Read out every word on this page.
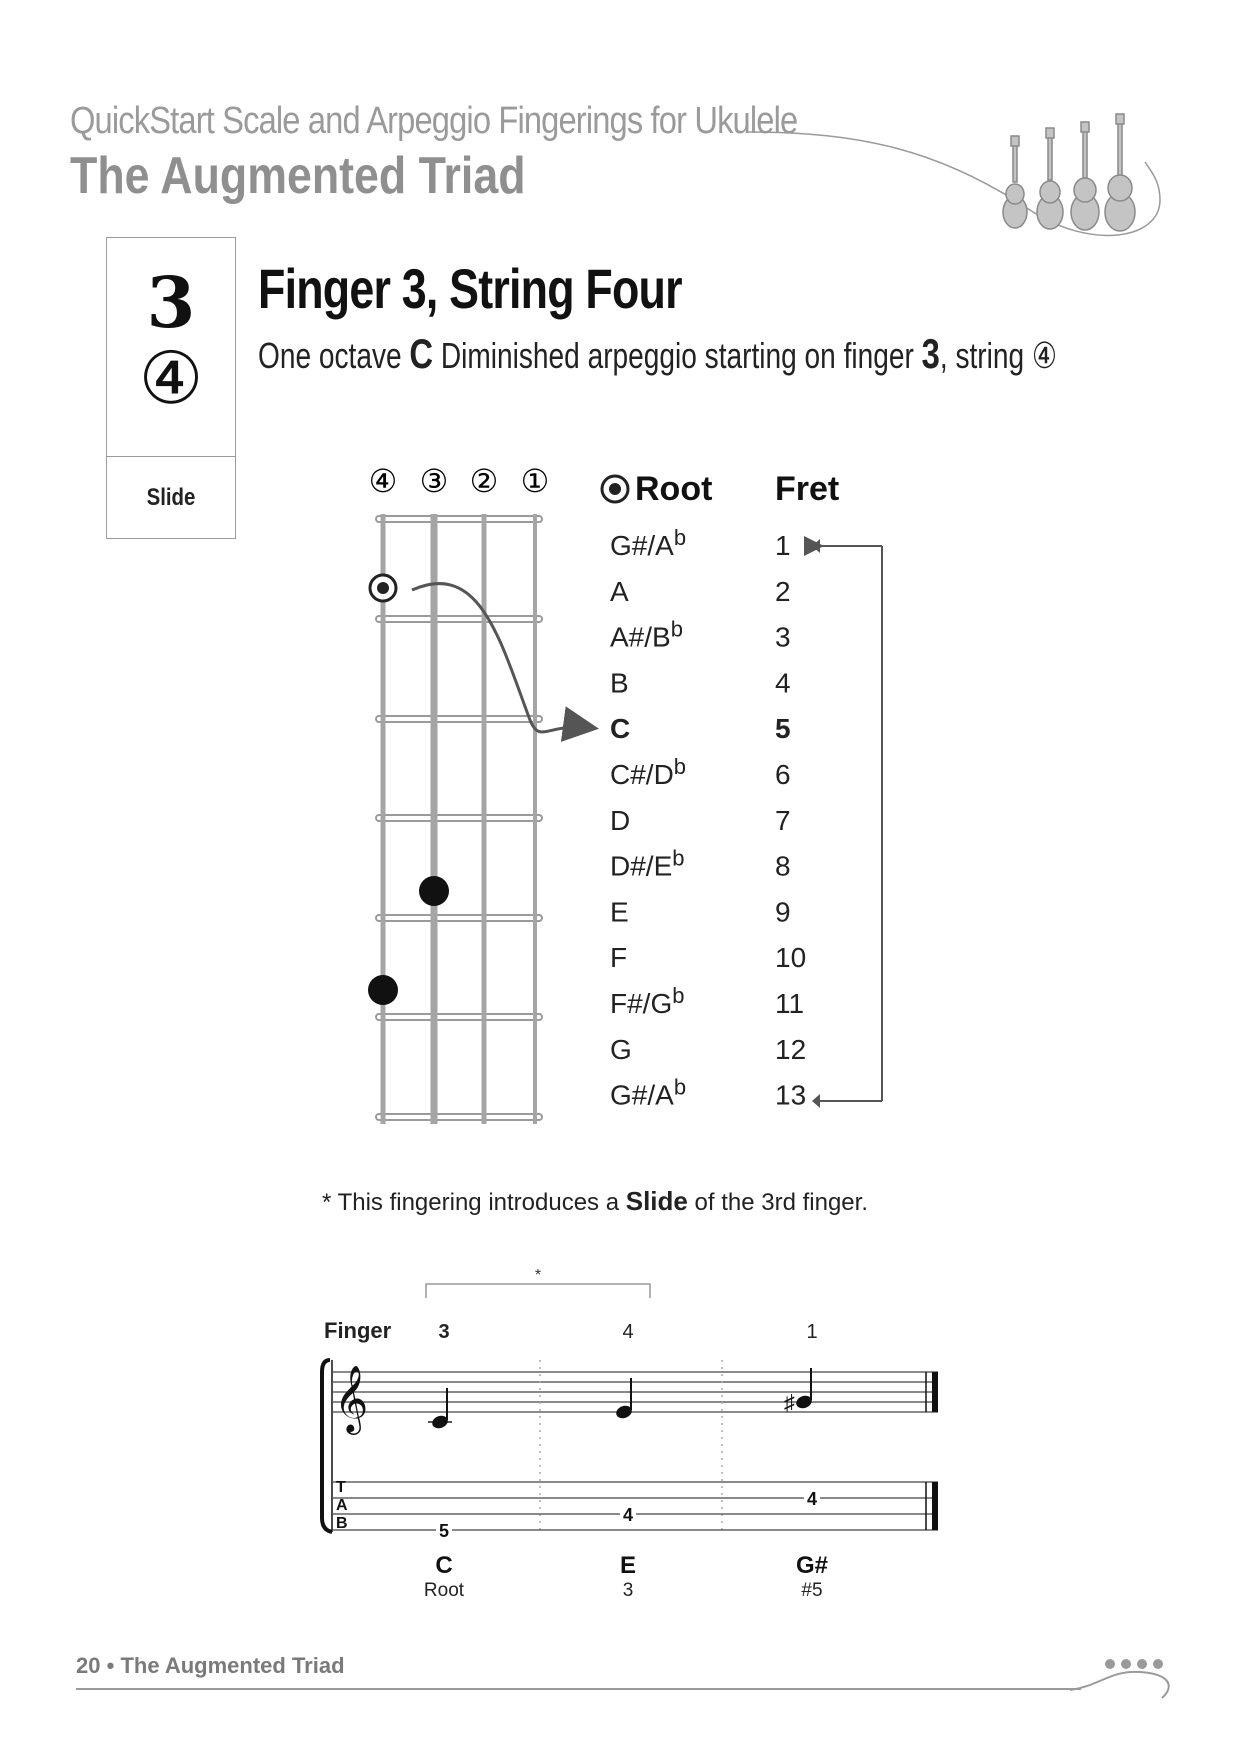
QuickStart Scale and Arpeggio Fingerings for Ukulele
The Augmented Triad
3
④
Slide
Finger 3, String Four
One octave C Diminished arpeggio starting on finger 3, string ④
④ ③ ② ①	Root Fret
$G\#/A^b$	1
A	2
$A\#/B^b$	3
B	4
C	5
$C\#/D^b$	6
D	7
$D\#/E^b$	8
E	9
F	10
$F\#/G^b$	11
G	12
$G\#/A^b$	13
* This fingering introduces a Slide of the 3rd finger.
*
Finger 3	4	1
𝄞	♯
T
A
B	5
4
4
C	E	G#
Root	3	#5
20 • The Augmented Triad
